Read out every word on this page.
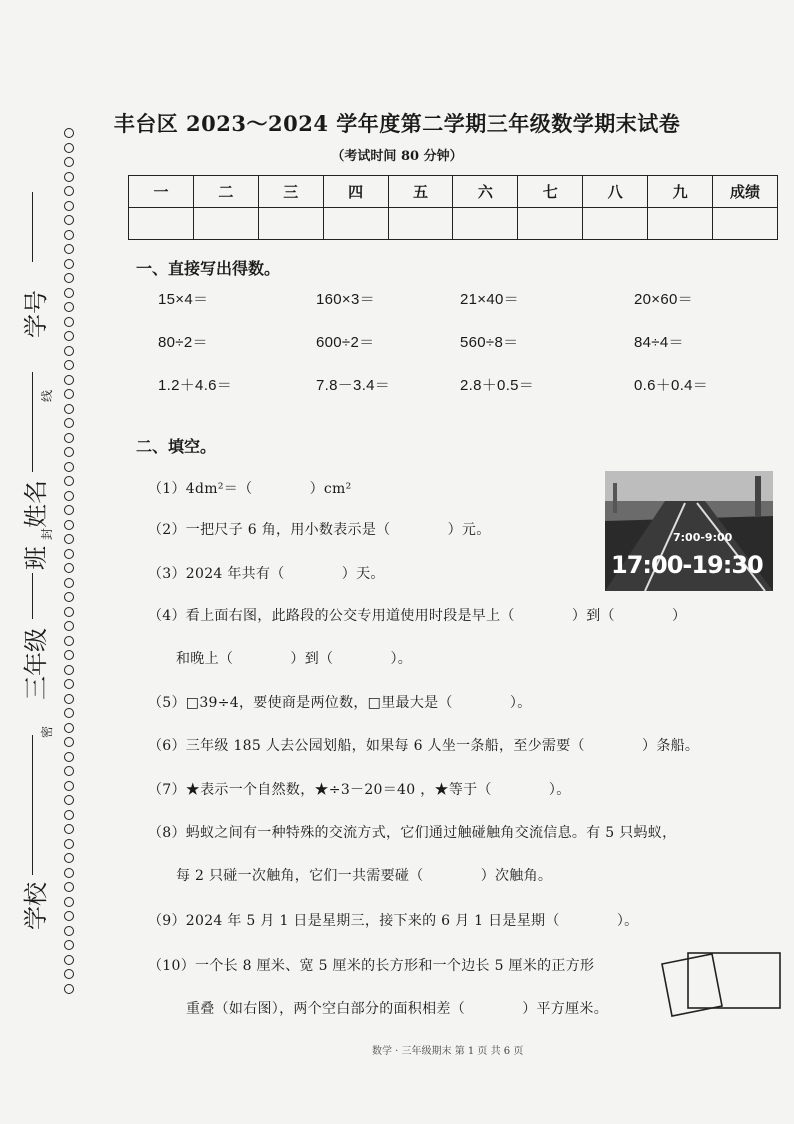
学号
线
姓名
封
班
三年级
密
学校
丰台区 2023～2024 学年度第二学期三年级数学期末试卷
（考试时间 80 分钟）
一	二	三	四	五	六	七	八	九	成绩

一、直接写出得数。
15×4＝	160×3＝	21×40＝	20×60＝
80÷2＝	600÷2＝	560÷8＝	84÷4＝
1.2＋4.6＝	7.8－3.4＝	2.8＋0.5＝	0.6＋0.4＝
二、填空。
（1）4dm²＝（　　　　）cm²
（2）一把尺子 6 角，用小数表示是（　　　　）元。
（3）2024 年共有（　　　　）天。
（4）看上面右图，此路段的公交专用道使用时段是早上（　　　　）到（　　　　）
和晚上（　　　　）到（　　　　）。
（5）□39÷4，要使商是两位数，□里最大是（　　　　）。
（6）三年级 185 人去公园划船，如果每 6 人坐一条船，至少需要（　　　　）条船。
（7）★表示一个自然数，★÷3－20＝40 ，★等于（　　　　）。
（8）蚂蚁之间有一种特殊的交流方式，它们通过触碰触角交流信息。有 5 只蚂蚁，
每 2 只碰一次触角，它们一共需要碰（　　　　）次触角。
（9）2024 年 5 月 1 日是星期三，接下来的 6 月 1 日是星期（　　　　）。
（10）一个长 8 厘米、宽 5 厘米的长方形和一个边长 5 厘米的正方形
重叠（如右图），两个空白部分的面积相差（　　　　）平方厘米。
7:00-9:00
17:00-19:30
数学 · 三年级期末 第 1 页 共 6 页
